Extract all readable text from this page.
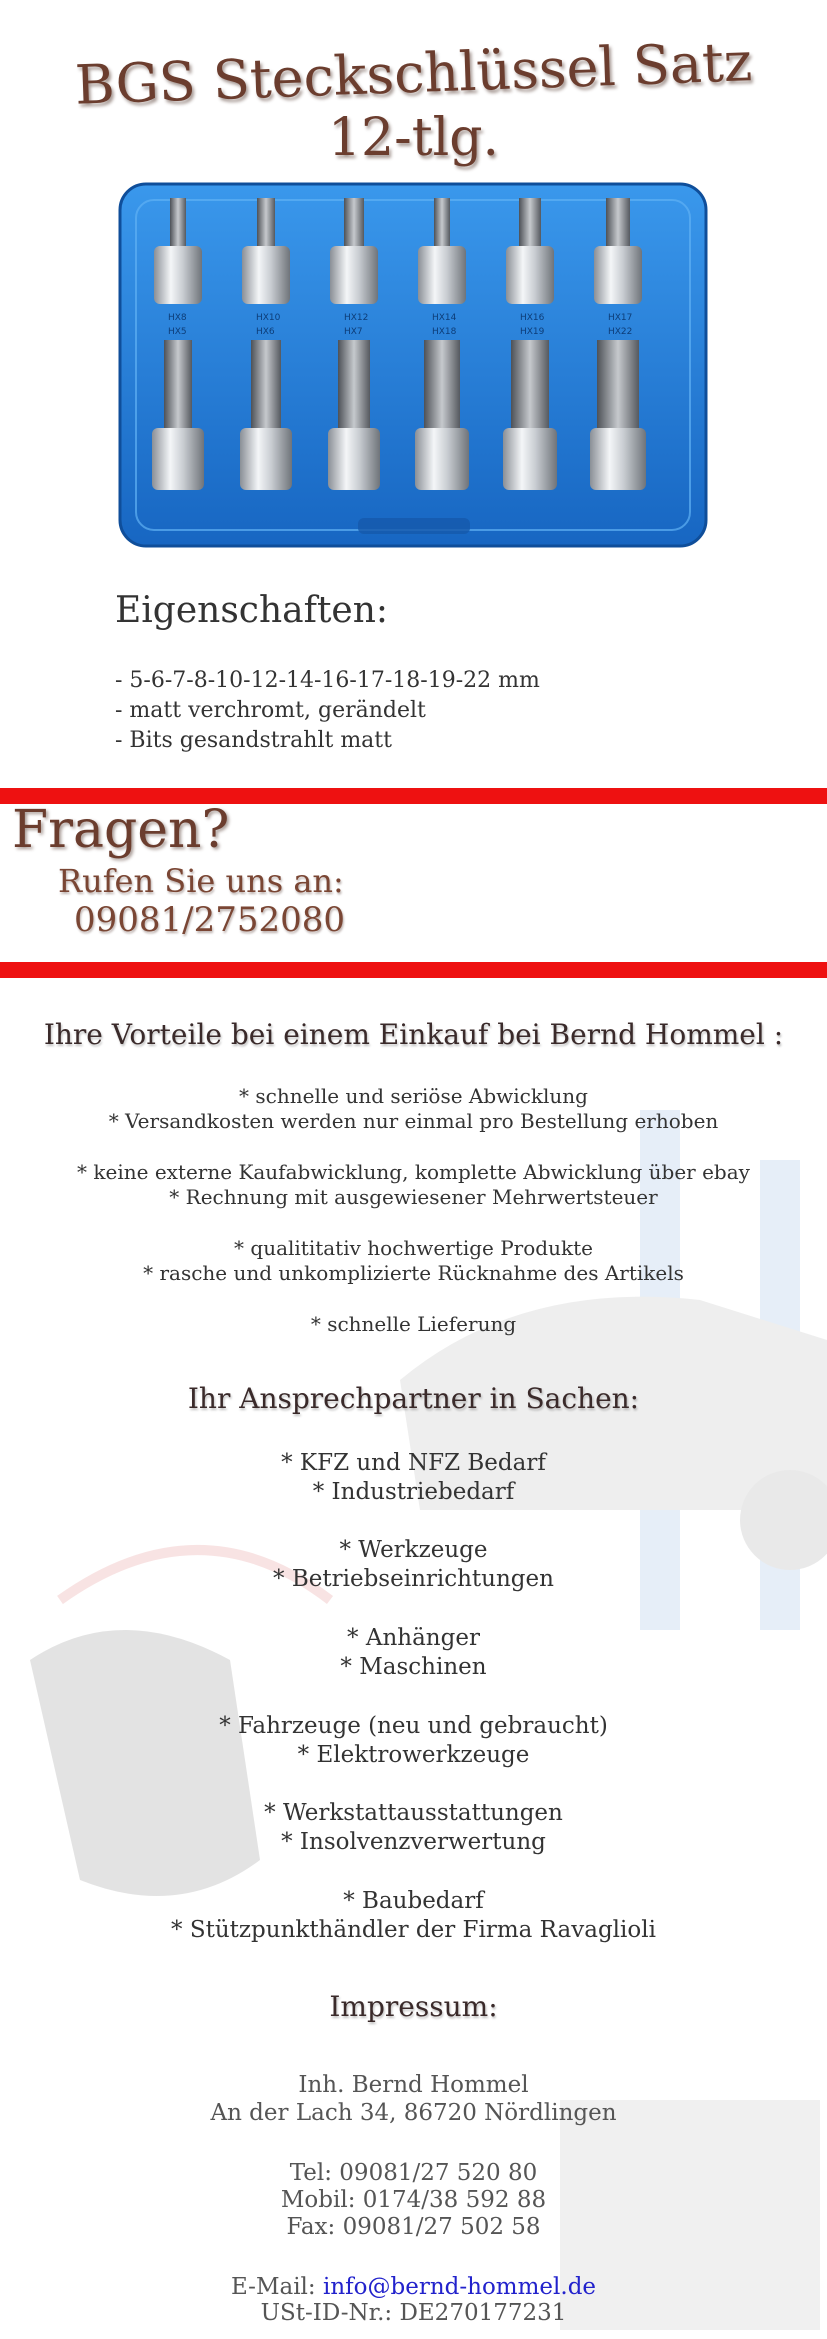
BGS Steckschlüssel Satz
12-tlg.
HX8	HX10	HX12	HX14	HX16	HX17
HX5	HX6	HX7	HX18	HX19	HX22
Eigenschaften:
- 5-6-7-8-10-12-14-16-17-18-19-22 mm
- matt verchromt, gerändelt
- Bits gesandstrahlt matt
Fragen?
Rufen Sie uns an:
09081/2752080
Ihre Vorteile bei einem Einkauf bei Bernd Hommel :
* schnelle und seriöse Abwicklung
* Versandkosten werden nur einmal pro Bestellung erhoben
* keine externe Kaufabwicklung, komplette Abwicklung über ebay
* Rechnung mit ausgewiesener Mehrwertsteuer
* qualititativ hochwertige Produkte
* rasche und unkomplizierte Rücknahme des Artikels
* schnelle Lieferung
Ihr Ansprechpartner in Sachen:
* KFZ und NFZ Bedarf
* Industriebedarf
* Werkzeuge
* Betriebseinrichtungen
* Anhänger
* Maschinen
* Fahrzeuge (neu und gebraucht)
* Elektrowerkzeuge
* Werkstattausstattungen
* Insolvenzverwertung
* Baubedarf
* Stützpunkthändler der Firma Ravaglioli
Impressum:
Inh. Bernd Hommel
An der Lach 34, 86720 Nördlingen
Tel: 09081/27 520 80
Mobil: 0174/38 592 88
Fax: 09081/27 502 58
E-Mail: info@bernd-hommel.de
USt-ID-Nr.: DE270177231
